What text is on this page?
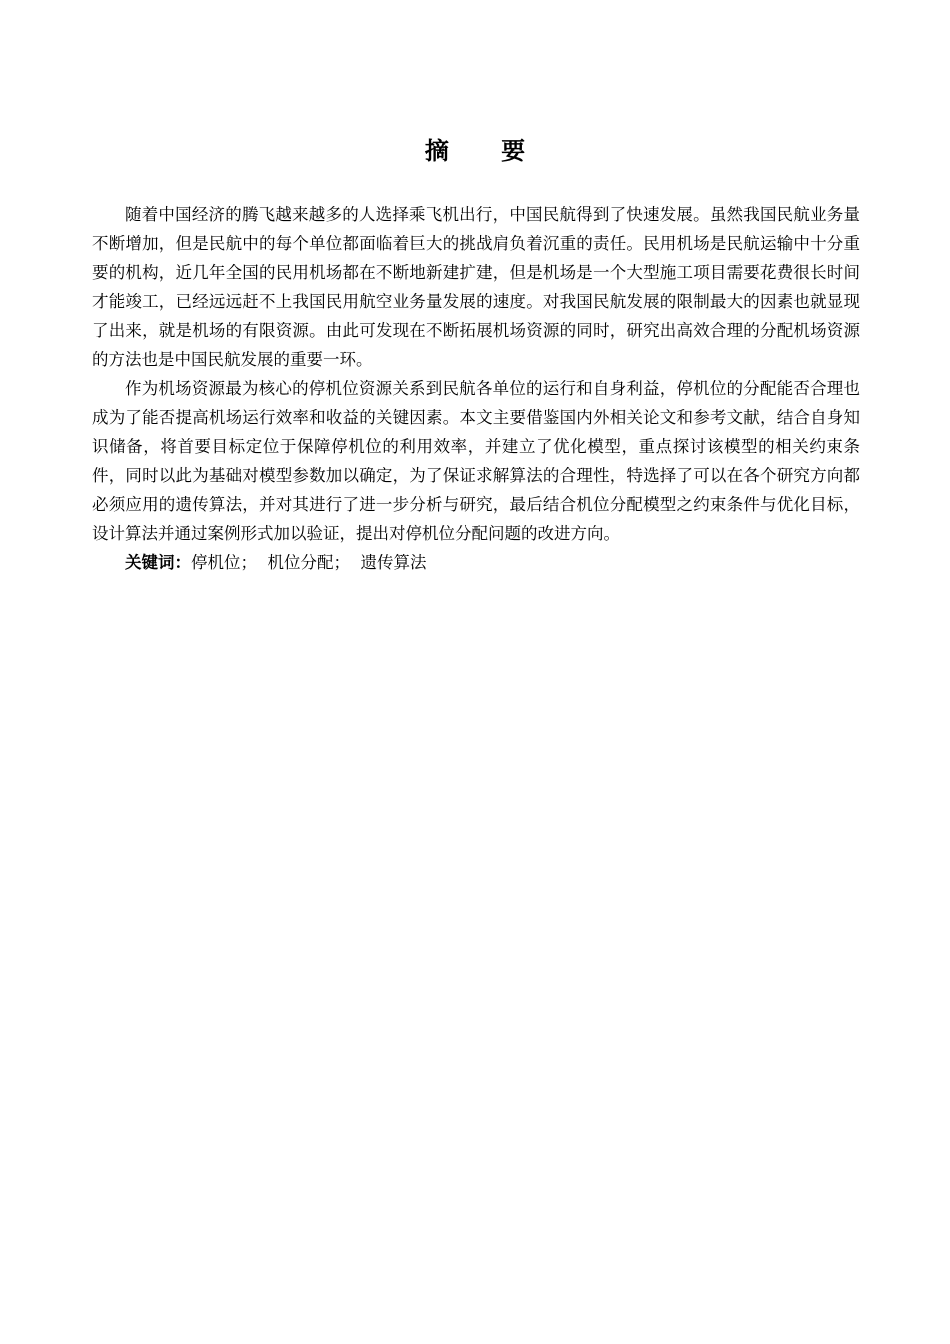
摘 要

随着中国经济的腾飞越来越多的人选择乘飞机出行，中国民航得到了快速发展。虽然我国民航业务量不断增加，但是民航中的每个单位都面临着巨大的挑战肩负着沉重的责任。民用机场是民航运输中十分重要的机构，近几年全国的民用机场都在不断地新建扩建，但是机场是一个大型施工项目需要花费很长时间才能竣工，已经远远赶不上我国民用航空业务量发展的速度。对我国民航发展的限制最大的因素也就显现了出来，就是机场的有限资源。由此可发现在不断拓展机场资源的同时，研究出高效合理的分配机场资源的方法也是中国民航发展的重要一环。

作为机场资源最为核心的停机位资源关系到民航各单位的运行和自身利益，停机位的分配能否合理也成为了能否提高机场运行效率和收益的关键因素。本文主要借鉴国内外相关论文和参考文献，结合自身知识储备，将首要目标定位于保障停机位的利用效率，并建立了优化模型，重点探讨该模型的相关约束条件，同时以此为基础对模型参数加以确定，为了保证求解算法的合理性，特选择了可以在各个研究方向都必须应用的遗传算法，并对其进行了进一步分析与研究，最后结合机位分配模型之约束条件与优化目标，设计算法并通过案例形式加以验证，提出对停机位分配问题的改进方向。

关键词：停机位； 机位分配； 遗传算法
